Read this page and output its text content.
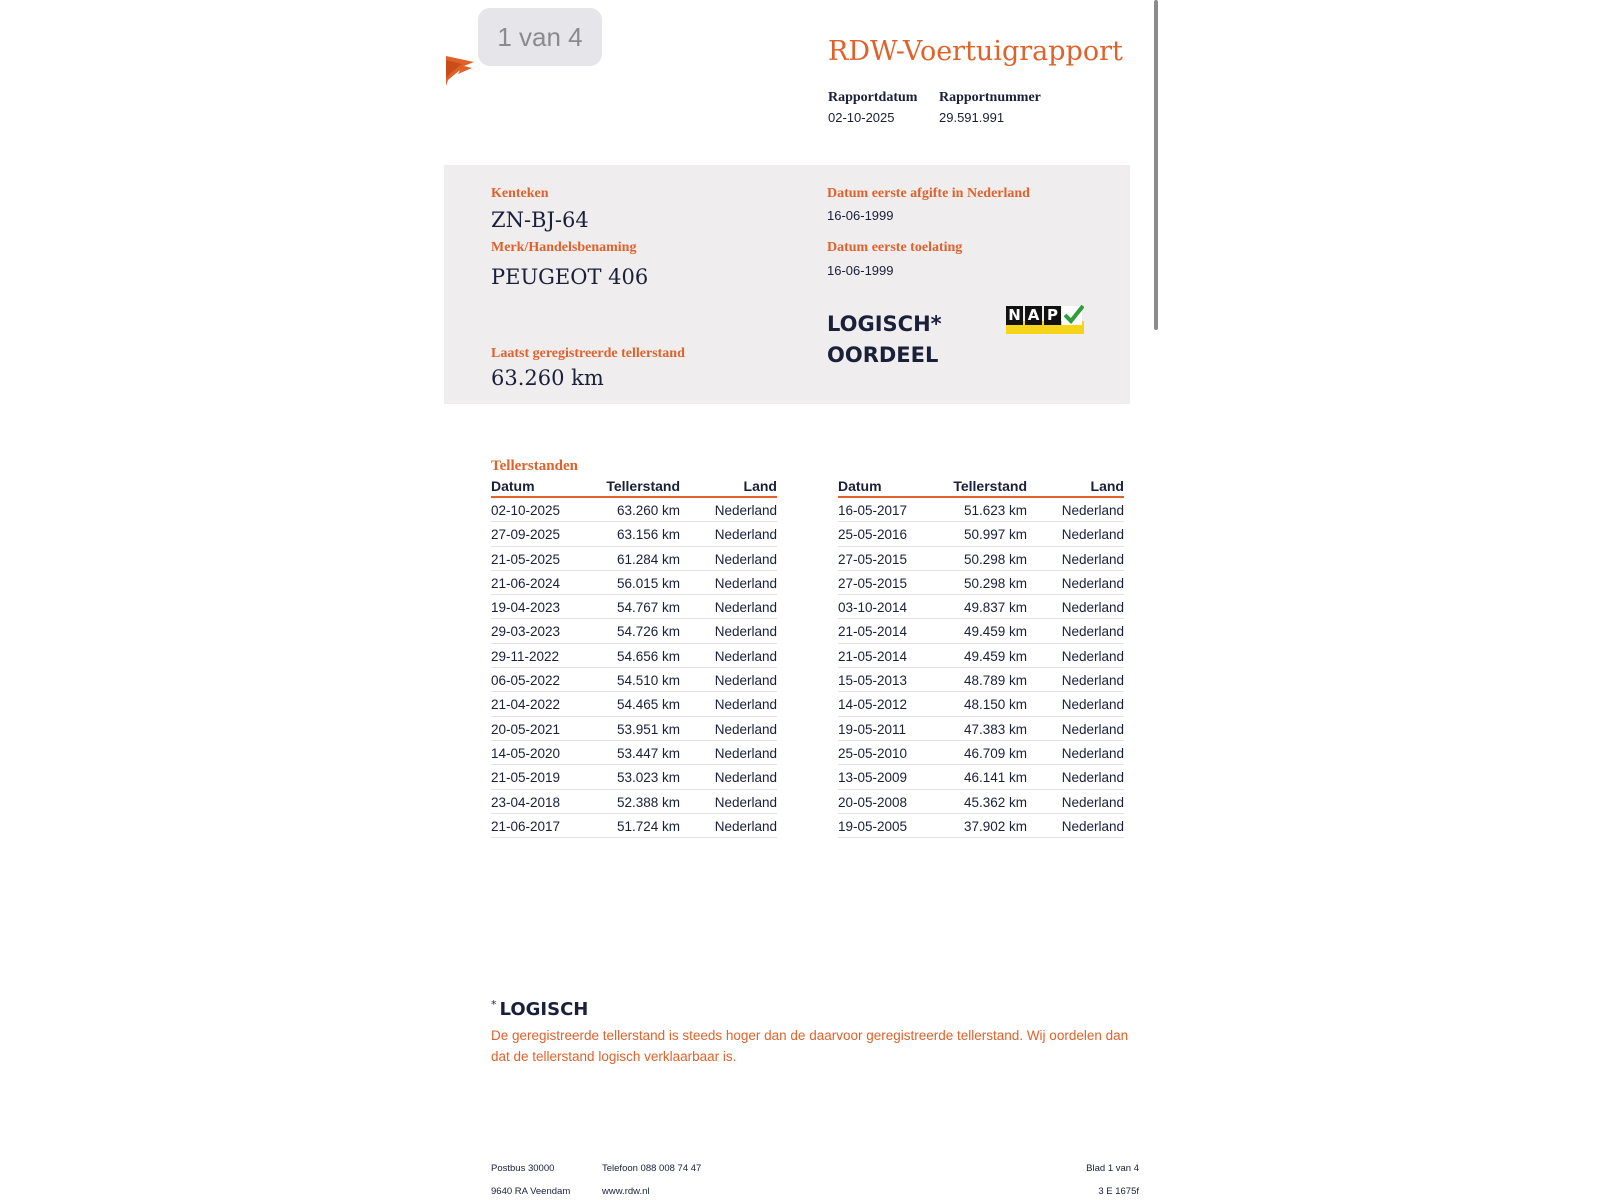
1 van 4	RDW-Voertuigrapport
Rapportdatum
02-10-2025
Rapportnummer
29.591.991
Kenteken
ZN-BJ-64
Merk/Handelsbenaming
PEUGEOT 406
Laatst geregistreerde tellerstand
63.260 km
Datum eerste afgifte in Nederland
16-06-1999
Datum eerste toelating
16-06-1999
LOGISCH*
OORDEEL
N A P
Tellerstanden
Datum	Tellerstand	Land
02-10-2025	63.260 km	Nederland
27-09-2025	63.156 km	Nederland
21-05-2025	61.284 km	Nederland
21-06-2024	56.015 km	Nederland
19-04-2023	54.767 km	Nederland
29-03-2023	54.726 km	Nederland
29-11-2022	54.656 km	Nederland
06-05-2022	54.510 km	Nederland
21-04-2022	54.465 km	Nederland
20-05-2021	53.951 km	Nederland
14-05-2020	53.447 km	Nederland
21-05-2019	53.023 km	Nederland
23-04-2018	52.388 km	Nederland
21-06-2017	51.724 km	Nederland
Datum	Tellerstand	Land
16-05-2017	51.623 km	Nederland
25-05-2016	50.997 km	Nederland
27-05-2015	50.298 km	Nederland
27-05-2015	50.298 km	Nederland
03-10-2014	49.837 km	Nederland
21-05-2014	49.459 km	Nederland
21-05-2014	49.459 km	Nederland
15-05-2013	48.789 km	Nederland
14-05-2012	48.150 km	Nederland
19-05-2011	47.383 km	Nederland
25-05-2010	46.709 km	Nederland
13-05-2009	46.141 km	Nederland
20-05-2008	45.362 km	Nederland
19-05-2005	37.902 km	Nederland
* LOGISCH
De geregistreerde tellerstand is steeds hoger dan de daarvoor geregistreerde tellerstand. Wij oordelen dan dat de tellerstand logisch verklaarbaar is.
Postbus 30000
9640 RA Veendam
Telefoon 088 008 74 47
www.rdw.nl
Blad 1 van 4
3 E 1675f
